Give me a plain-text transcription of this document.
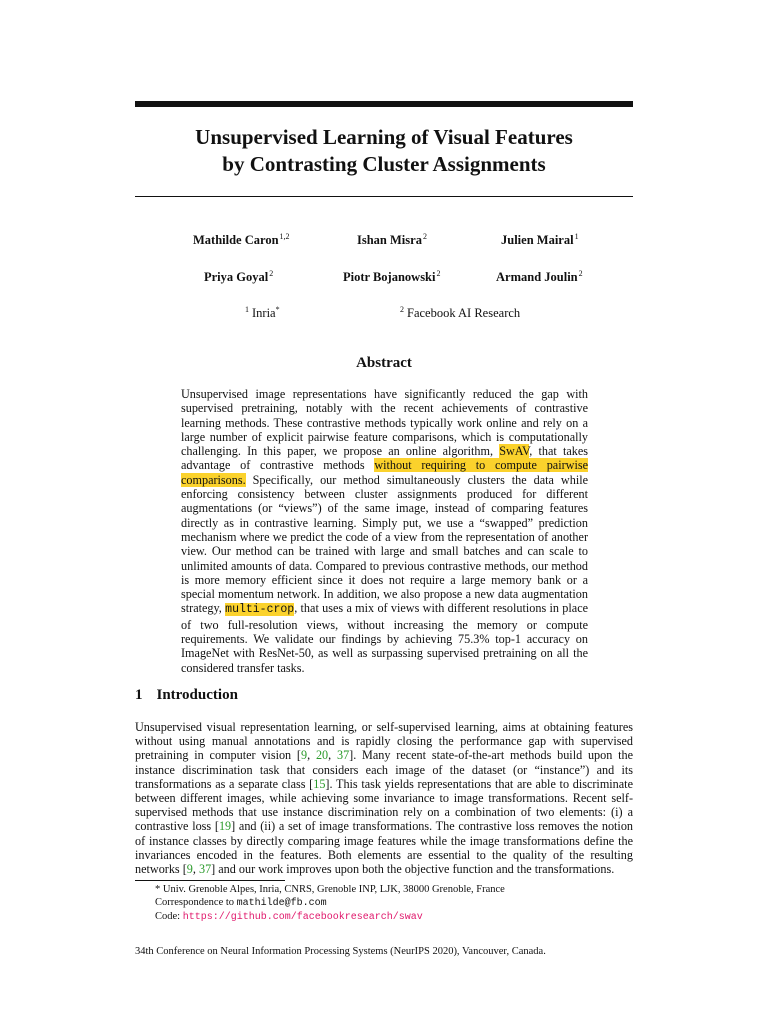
Unsupervised Learning of Visual Features
by Contrasting Cluster Assignments
Mathilde Caron$^{1,2}$	Ishan Misra$^2$	Julien Mairal$^1$
Priya Goyal$^2$	Piotr Bojanowski$^2$	Armand Joulin$^2$
$^1$ Inria*	$^2$ Facebook AI Research
Abstract
Unsupervised image representations have significantly reduced the gap with supervised pretraining, notably with the recent achievements of contrastive learning methods. These contrastive methods typically work online and rely on a large number of explicit pairwise feature comparisons, which is computationally challenging. In this paper, we propose an online algorithm, SwAV, that takes advantage of contrastive methods without requiring to compute pairwise comparisons. Specifically, our method simultaneously clusters the data while enforcing consistency between cluster assignments produced for different augmentations (or “views”) of the same image, instead of comparing features directly as in contrastive learning. Simply put, we use a “swapped” prediction mechanism where we predict the code of a view from the representation of another view. Our method can be trained with large and small batches and can scale to unlimited amounts of data. Compared to previous contrastive methods, our method is more memory efficient since it does not require a large memory bank or a special momentum network. In addition, we also propose a new data augmentation strategy, multi-crop, that uses a mix of views with different resolutions in place of two full-resolution views, without increasing the memory or compute requirements. We validate our findings by achieving 75.3% top-1 accuracy on ImageNet with ResNet-50, as well as surpassing supervised pretraining on all the considered transfer tasks.
1 Introduction
Unsupervised visual representation learning, or self-supervised learning, aims at obtaining features without using manual annotations and is rapidly closing the performance gap with supervised pretraining in computer vision [9, 20, 37]. Many recent state-of-the-art methods build upon the instance discrimination task that considers each image of the dataset (or “instance”) and its transformations as a separate class [15]. This task yields representations that are able to discriminate between different images, while achieving some invariance to image transformations. Recent self-supervised methods that use instance discrimination rely on a combination of two elements: (i) a contrastive loss [19] and (ii) a set of image transformations. The contrastive loss removes the notion of instance classes by directly comparing image features while the image transformations define the invariances encoded in the features. Both elements are essential to the quality of the resulting networks [9, 37] and our work improves upon both the objective function and the transformations.
* Univ. Grenoble Alpes, Inria, CNRS, Grenoble INP, LJK, 38000 Grenoble, France
Correspondence to mathilde@fb.com
Code: https://github.com/facebookresearch/swav
34th Conference on Neural Information Processing Systems (NeurIPS 2020), Vancouver, Canada.
